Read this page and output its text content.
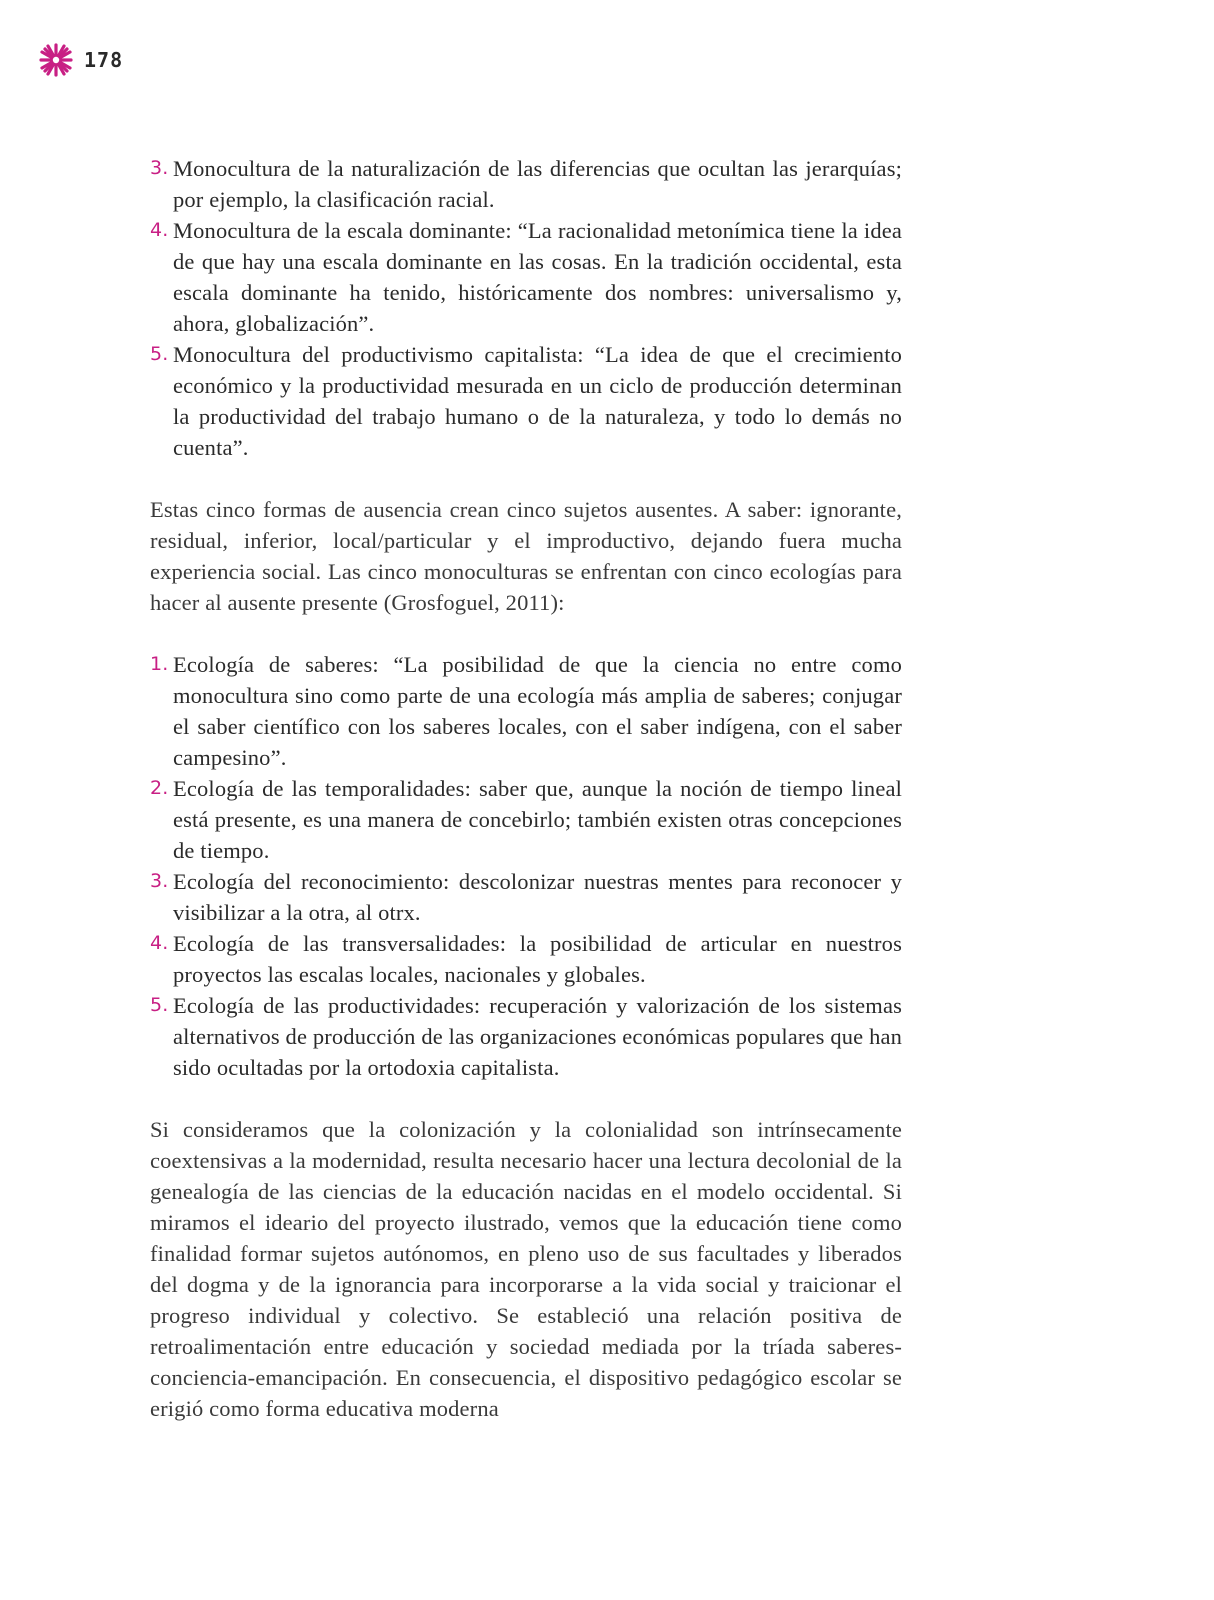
178
3. Monocultura de la naturalización de las diferencias que ocultan las jerarquías; por ejemplo, la clasificación racial.
4. Monocultura de la escala dominante: “La racionalidad metonímica tiene la idea de que hay una escala dominante en las cosas. En la tradición occidental, esta escala dominante ha tenido, históricamente dos nombres: universalismo y, ahora, globalización”.
5. Monocultura del productivismo capitalista: “La idea de que el crecimiento económico y la productividad mesurada en un ciclo de producción determinan la productividad del trabajo humano o de la naturaleza, y todo lo demás no cuenta”.

Estas cinco formas de ausencia crean cinco sujetos ausentes. A saber: ignorante, residual, inferior, local/particular y el improductivo, dejando fuera mucha experiencia social. Las cinco monoculturas se enfrentan con cinco ecologías para hacer al ausente presente (Grosfoguel, 2011):

1. Ecología de saberes: “La posibilidad de que la ciencia no entre como monocultura sino como parte de una ecología más amplia de saberes; conjugar el saber científico con los saberes locales, con el saber indígena, con el saber campesino”.
2. Ecología de las temporalidades: saber que, aunque la noción de tiempo lineal está presente, es una manera de concebirlo; también existen otras concepciones de tiempo.
3. Ecología del reconocimiento: descolonizar nuestras mentes para reconocer y visibilizar a la otra, al otrx.
4. Ecología de las transversalidades: la posibilidad de articular en nuestros proyectos las escalas locales, nacionales y globales.
5. Ecología de las productividades: recuperación y valorización de los sistemas alternativos de producción de las organizaciones económicas populares que han sido ocultadas por la ortodoxia capitalista.

Si consideramos que la colonización y la colonialidad son intrínsecamente coextensivas a la modernidad, resulta necesario hacer una lectura decolonial de la genealogía de las ciencias de la educación nacidas en el modelo occidental. Si miramos el ideario del proyecto ilustrado, vemos que la educación tiene como finalidad formar sujetos autónomos, en pleno uso de sus facultades y liberados del dogma y de la ignorancia para incorporarse a la vida social y traicionar el progreso individual y colectivo. Se estableció una relación positiva de retroalimentación entre educación y sociedad mediada por la tríada saberes-conciencia-emancipación. En consecuencia, el dispositivo pedagógico escolar se erigió como forma educativa moderna
